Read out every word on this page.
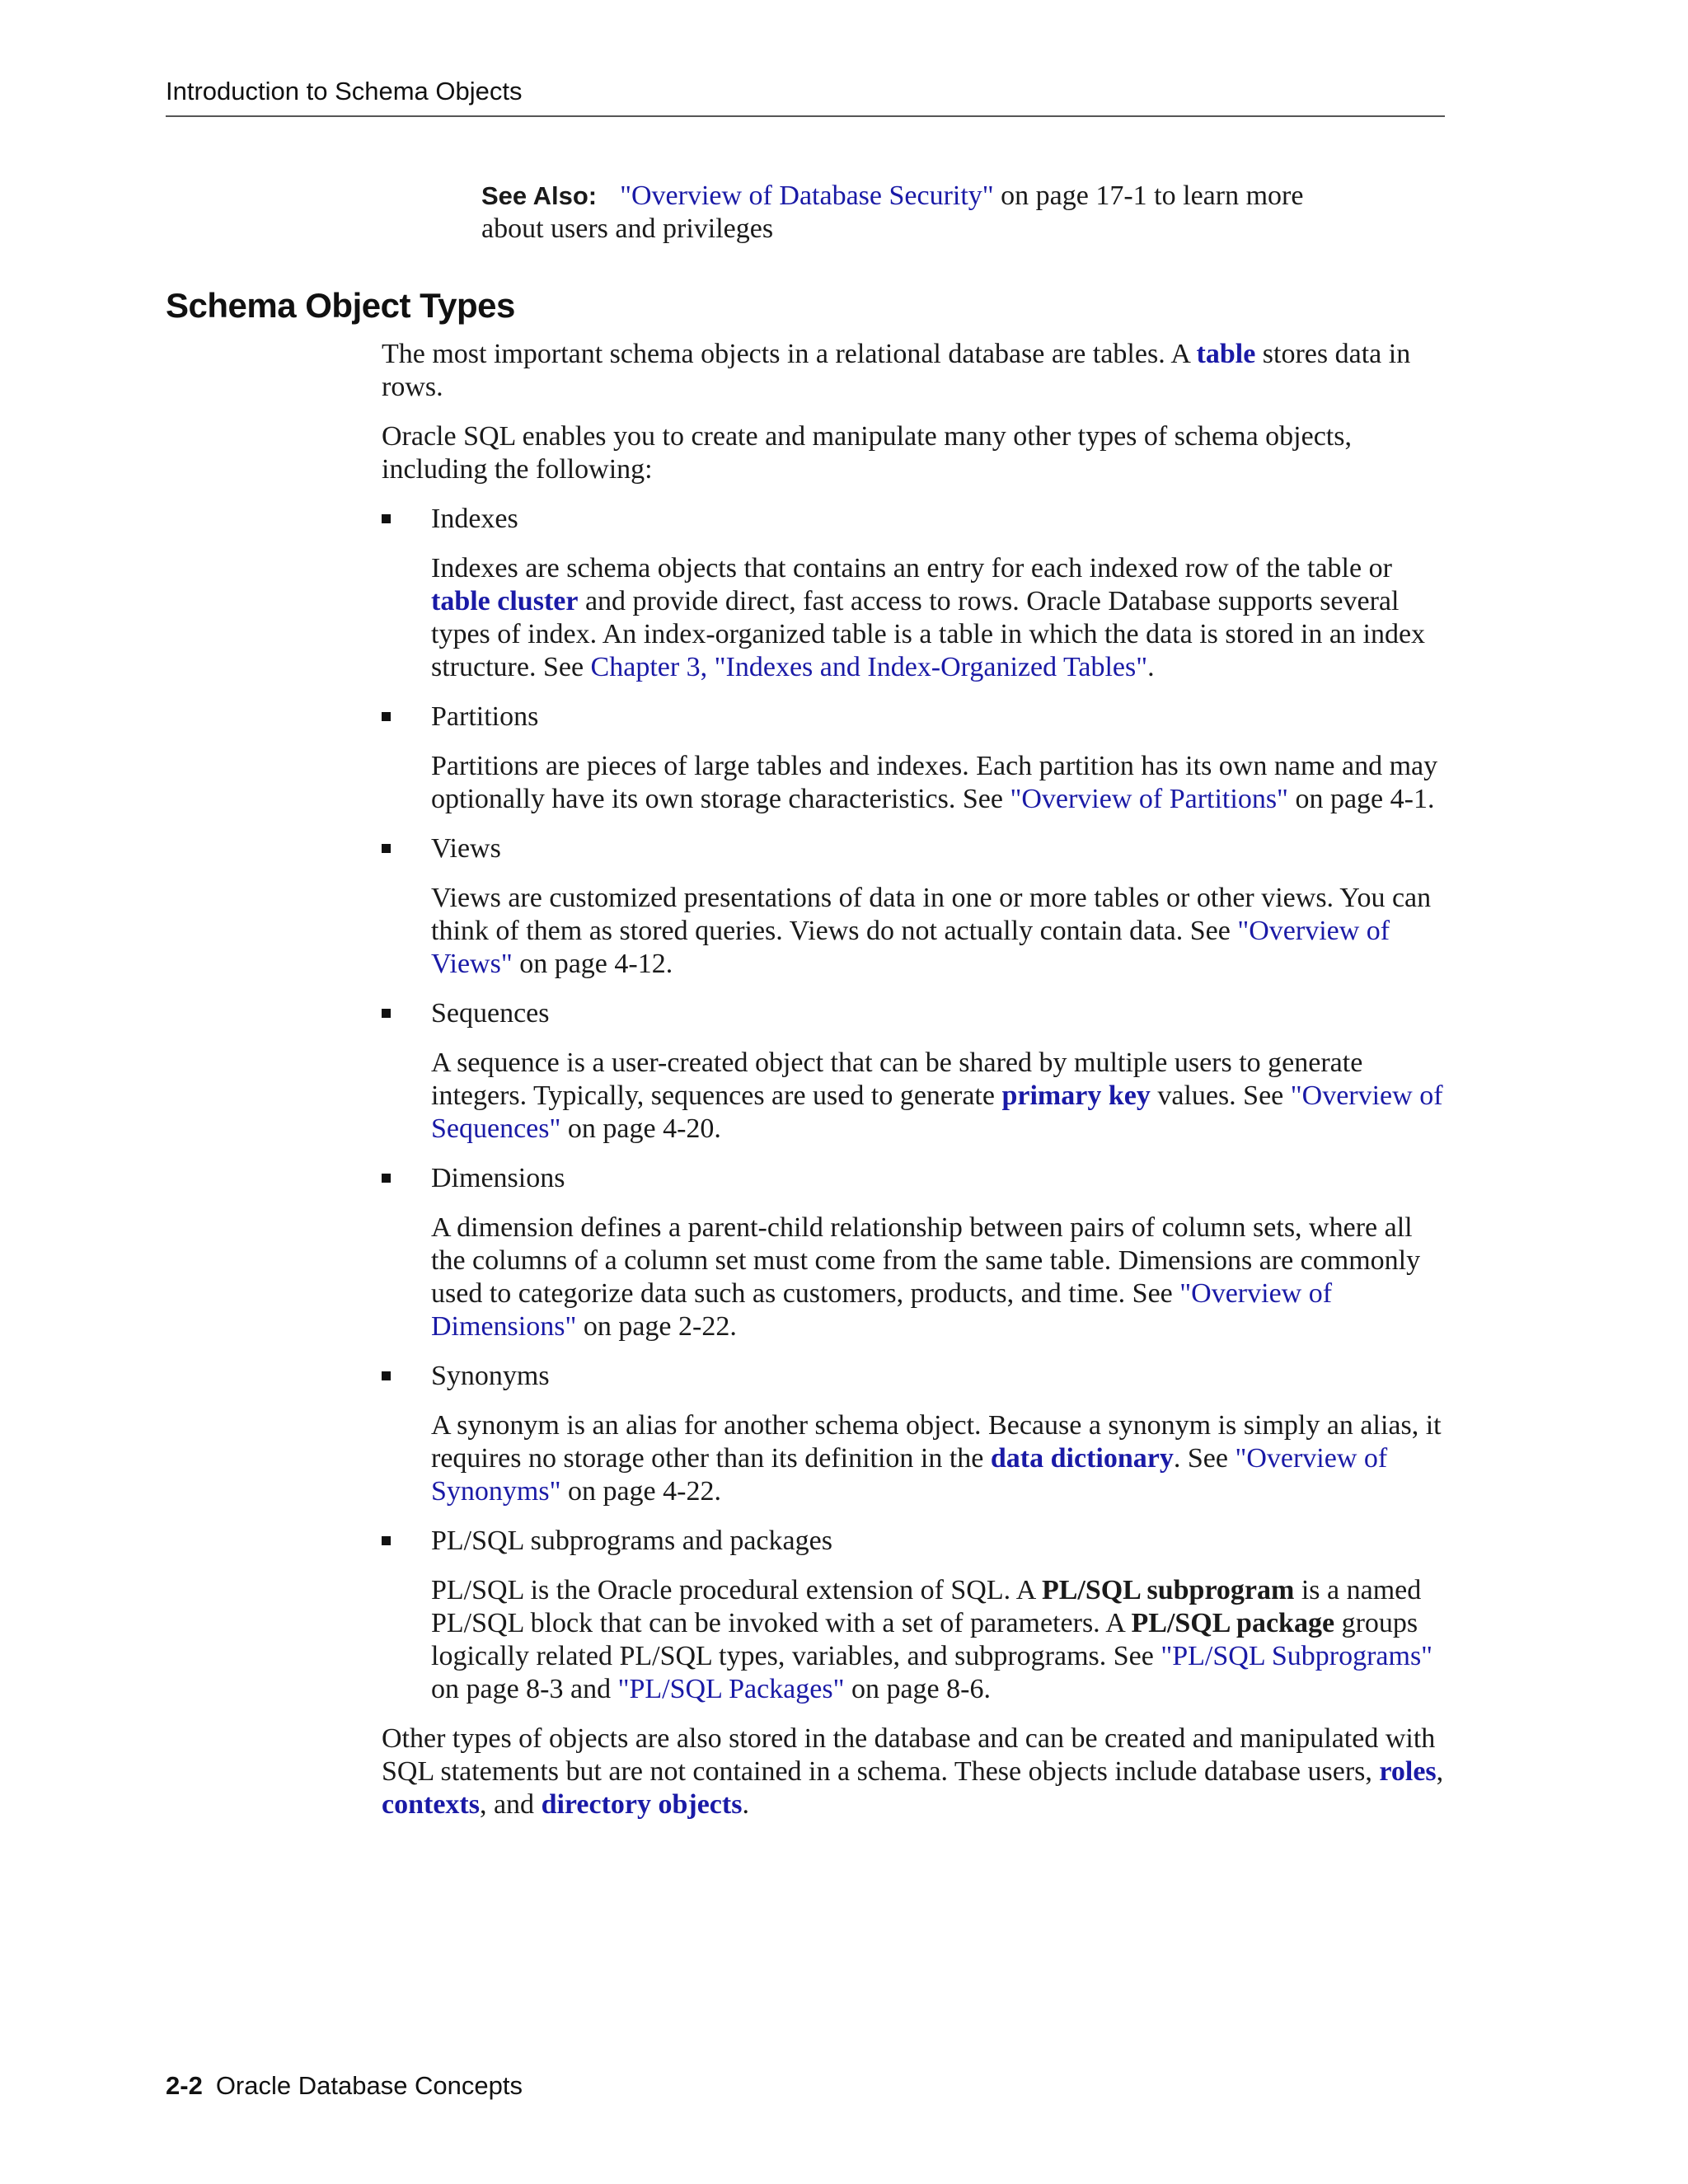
Introduction to Schema Objects
See Also: "Overview of Database Security" on page 17-1 to learn more about users and privileges
Schema Object Types

The most important schema objects in a relational database are tables. A table stores data in rows.

Oracle SQL enables you to create and manipulate many other types of schema objects, including the following:

Indexes

Indexes are schema objects that contains an entry for each indexed row of the table or table cluster and provide direct, fast access to rows. Oracle Database supports several types of index. An index-organized table is a table in which the data is stored in an index structure. See Chapter 3, "Indexes and Index-Organized Tables".

Partitions

Partitions are pieces of large tables and indexes. Each partition has its own name and may optionally have its own storage characteristics. See "Overview of Partitions" on page 4-1.

Views

Views are customized presentations of data in one or more tables or other views. You can think of them as stored queries. Views do not actually contain data. See "Overview of Views" on page 4-12.

Sequences

A sequence is a user-created object that can be shared by multiple users to generate integers. Typically, sequences are used to generate primary key values. See "Overview of Sequences" on page 4-20.

Dimensions

A dimension defines a parent-child relationship between pairs of column sets, where all the columns of a column set must come from the same table. Dimensions are commonly used to categorize data such as customers, products, and time. See "Overview of Dimensions" on page 2-22.

Synonyms

A synonym is an alias for another schema object. Because a synonym is simply an alias, it requires no storage other than its definition in the data dictionary. See "Overview of Synonyms" on page 4-22.

PL/SQL subprograms and packages

PL/SQL is the Oracle procedural extension of SQL. A PL/SQL subprogram is a named PL/SQL block that can be invoked with a set of parameters. A PL/SQL package groups logically related PL/SQL types, variables, and subprograms. See "PL/SQL Subprograms" on page 8-3 and "PL/SQL Packages" on page 8-6.

Other types of objects are also stored in the database and can be created and manipulated with SQL statements but are not contained in a schema. These objects include database users, roles, contexts, and directory objects.

2-2 Oracle Database Concepts
